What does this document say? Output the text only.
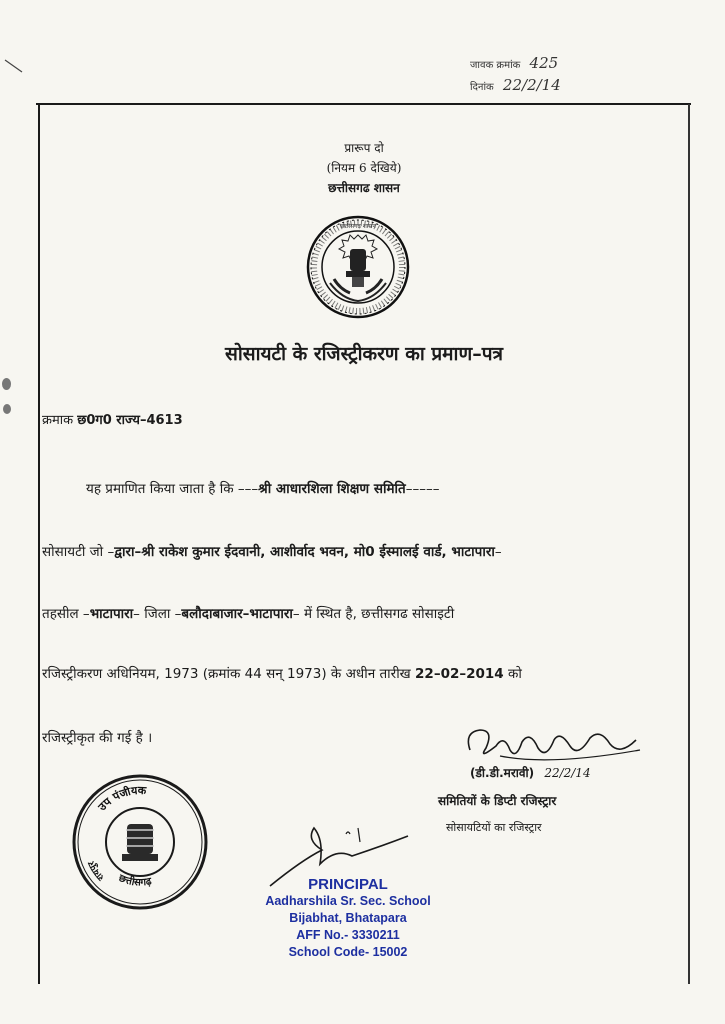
जावक क्रमांक 425
दिनांक 22/2/14
प्रारूप दो
(नियम 6 देखिये)
छत्तीसगढ शासन
छत्तीसगढ़ शासन
सोसायटी के रजिस्ट्रीकरण का प्रमाण–पत्र
क्रमाक छ0ग0 राज्य–4613
यह प्रमाणित किया जाता है कि –––श्री आधारशिला शिक्षण समिति–––––
सोसायटी जो –द्वारा–श्री राकेश कुमार ईदवानी, आशीर्वाद भवन, मो0 ईस्मालई वार्ड, भाटापारा–
तहसील –भाटापारा– जिला –बलौदाबाजार–भाटापारा– में स्थित है, छत्तीसगढ सोसाइटी
रजिस्ट्रीकरण अधिनियम, 1973 (क्रमांक 44 सन् 1973) के अधीन तारीख 22–02–2014 को
रजिस्ट्रीकृत की गई है ।
(डी.डी.मरावी) 22/2/14
समितियों के डिप्टी रजिस्ट्रार
सोसायटियों का रजिस्ट्रार
उप पंजीयक
रायपुर
छत्तीसगढ़	PRINCIPAL
Aadharshila Sr. Sec. School
Bijabhat, Bhatapara
AFF No.- 3330211
School Code- 15002
